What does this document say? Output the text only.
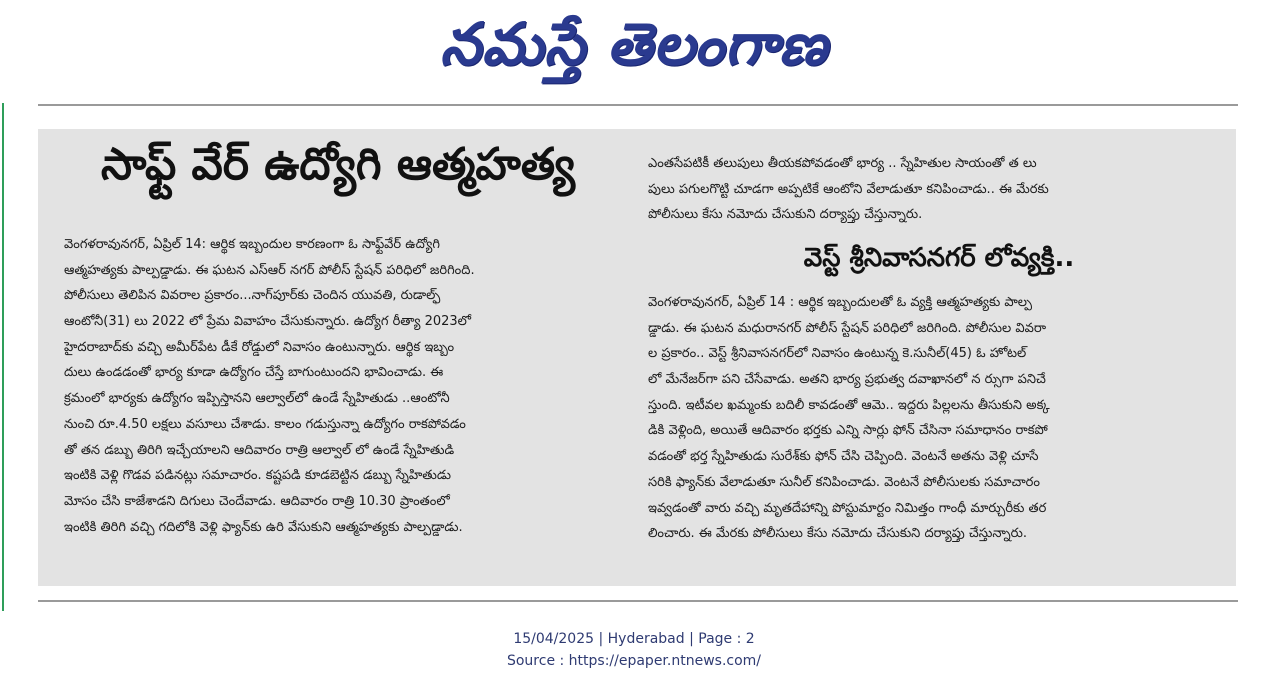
నమస్తే తెలంగాణ
సాఫ్ట్ వేర్ ఉద్యోగి ఆత్మహత్య
వెంగళరావునగర్, ఏప్రిల్ 14: ఆర్థిక ఇబ్బందుల కారణంగా ఓ సాఫ్ట్‌వేర్ ఉద్యోగి
ఆత్మహత్యకు పాల్పడ్డాడు. ఈ ఘటన ఎస్ఆర్ నగర్ పోలీస్ స్టేషన్ పరిధిలో జరిగింది.
పోలీసులు తెలిపిన వివరాల ప్రకారం...నాగ్‌పూర్‌కు చెందిన యువతి, రుడాల్ఫ్
ఆంటోనీ(31) లు 2022 లో ప్రేమ వివాహం చేసుకున్నారు. ఉద్యోగ రీత్యా 2023లో
హైదరాబాద్‌కు వచ్చి అమీర్‌పేట డీకే రోడ్డులో నివాసం ఉంటున్నారు. ఆర్థిక ఇబ్బం
దులు ఉండడంతో భార్య కూడా ఉద్యోగం చేస్తే బాగుంటుందని భావించాడు. ఈ
క్రమంలో భార్యకు ఉద్యోగం ఇప్పిస్తానని ఆల్వాల్‌లో ఉండే స్నేహితుడు ..ఆంటోనీ
నుంచి రూ.4.50 లక్షలు వసూలు చేశాడు. కాలం గడుస్తున్నా ఉద్యోగం రాకపోవడం
తో తన డబ్బు తిరిగి ఇచ్చేయాలని ఆదివారం రాత్రి ఆల్వాల్ లో ఉండే స్నేహితుడి
ఇంటికి వెళ్లి గొడవ పడినట్లు సమాచారం. కష్టపడి కూడబెట్టిన డబ్బు స్నేహితుడు
మోసం చేసి కాజేశాడని దిగులు చెందేవాడు. ఆదివారం రాత్రి 10.30 ప్రాంతంలో
ఇంటికి తిరిగి వచ్చి గదిలోకి వెళ్లి ఫ్యాన్‌కు ఉరి వేసుకుని ఆత్మహత్యకు పాల్పడ్డాడు.
ఎంతసేపటికీ తలుపులు తీయకపోవడంతో భార్య .. స్నేహితుల సాయంతో త లు
పులు పగులగొట్టి చూడగా అప్పటికే ఆంటోని వేలాడుతూ కనిపించాడు.. ఈ మేరకు
పోలీసులు కేసు నమోదు చేసుకుని దర్యాప్తు చేస్తున్నారు.
వెస్ట్ శ్రీనివాసనగర్ లోవ్యక్తి..
వెంగళరావునగర్, ఏప్రిల్ 14 : ఆర్థిక ఇబ్బందులతో ఓ వ్యక్తి ఆత్మహత్యకు పాల్ప
డ్డాడు. ఈ ఘటన మధురానగర్ పోలీస్ స్టేషన్ పరిధిలో జరిగింది. పోలీసుల వివరా
ల ప్రకారం.. వెస్ట్ శ్రీనివాసనగర్‌లో నివాసం ఉంటున్న కె.సునీల్(45) ఓ హోటల్
లో మేనేజర్‌గా పని చేసేవాడు. అతని భార్య ప్రభుత్వ దవాఖానలో న ర్సుగా పనిచే
స్తుంది. ఇటీవల ఖమ్మంకు బదిలీ కావడంతో ఆమె.. ఇద్దరు పిల్లలను తీసుకుని అక్క
డికి వెళ్లింది, అయితే ఆదివారం భర్తకు ఎన్ని సార్లు ఫోన్ చేసినా సమాధానం రాకపో
వడంతో భర్త స్నేహితుడు సురేశ్‌కు ఫోన్ చేసి చెప్పింది. వెంటనే అతను వెళ్లి చూసే
సరికి ఫ్యాన్‌కు వేలాడుతూ సునీల్ కనిపించాడు. వెంటనే పోలీసులకు సమాచారం
ఇవ్వడంతో వారు వచ్చి మృతదేహాన్ని పోస్టుమార్టం నిమిత్తం గాంధీ మార్చురీకు తర
లించారు. ఈ మేరకు పోలీసులు కేసు నమోదు చేసుకుని దర్యాప్తు చేస్తున్నారు.
15/04/2025 | Hyderabad | Page : 2
Source : https://epaper.ntnews.com/
